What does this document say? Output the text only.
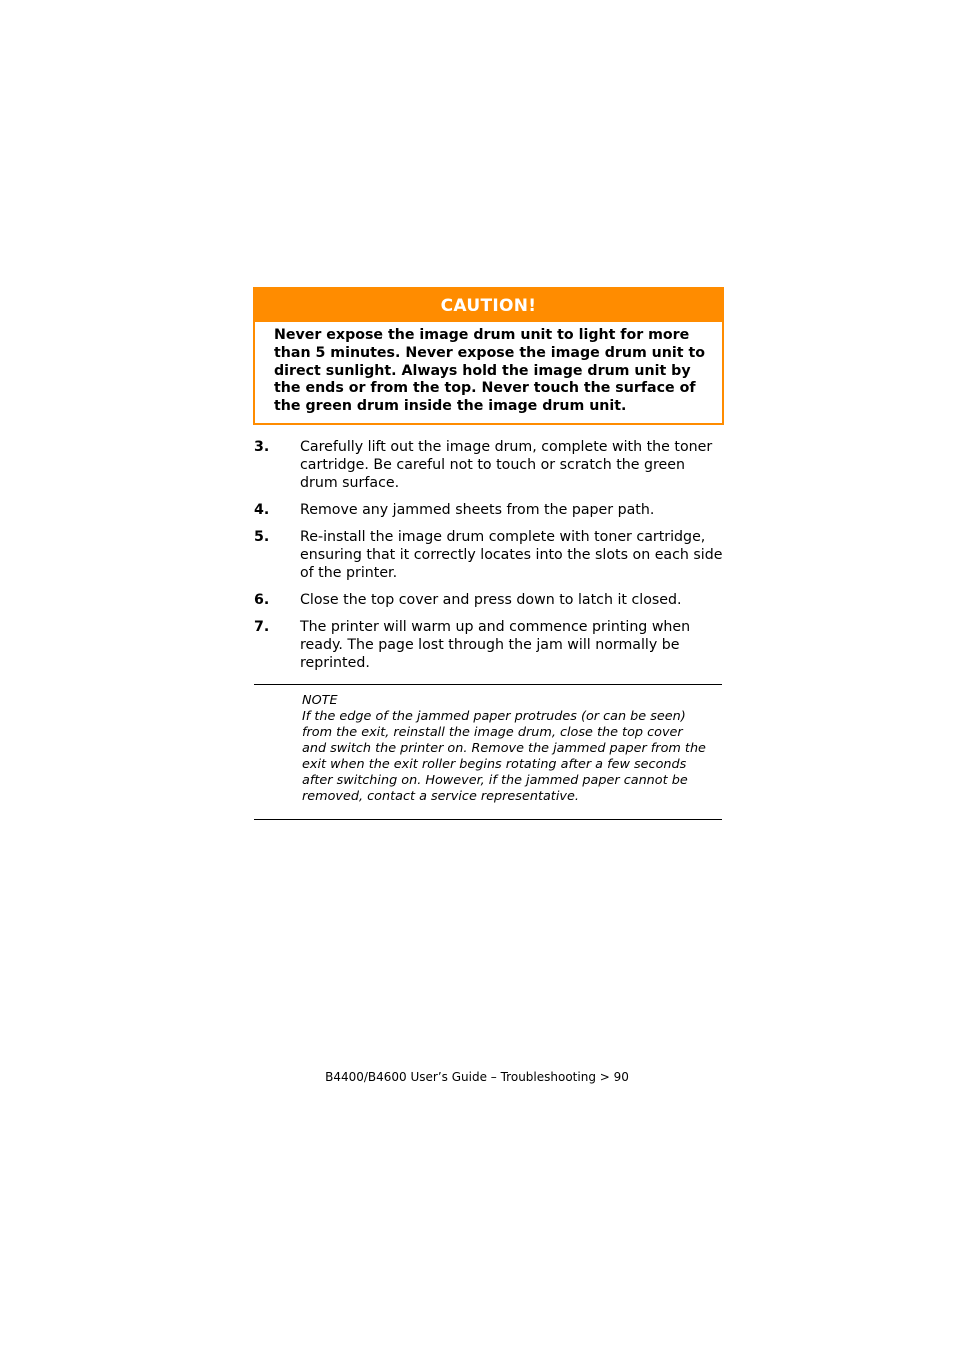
CAUTION!
Never expose the image drum unit to light for more than 5 minutes. Never expose the image drum unit to direct sunlight. Always hold the image drum unit by the ends or from the top. Never touch the surface of the green drum inside the image drum unit.
3.	Carefully lift out the image drum, complete with the toner cartridge. Be careful not to touch or scratch the green drum surface.
4.	Remove any jammed sheets from the paper path.
5.	Re-install the image drum complete with toner cartridge, ensuring that it correctly locates into the slots on each side of the printer.
6.	Close the top cover and press down to latch it closed.
7.	The printer will warm up and commence printing when ready. The page lost through the jam will normally be reprinted.
NOTE
If the edge of the jammed paper protrudes (or can be seen) from the exit, reinstall the image drum, close the top cover and switch the printer on. Remove the jammed paper from the exit when the exit roller begins rotating after a few seconds after switching on. However, if the jammed paper cannot be removed, contact a service representative.
B4400/B4600 User’s Guide – Troubleshooting > 90
